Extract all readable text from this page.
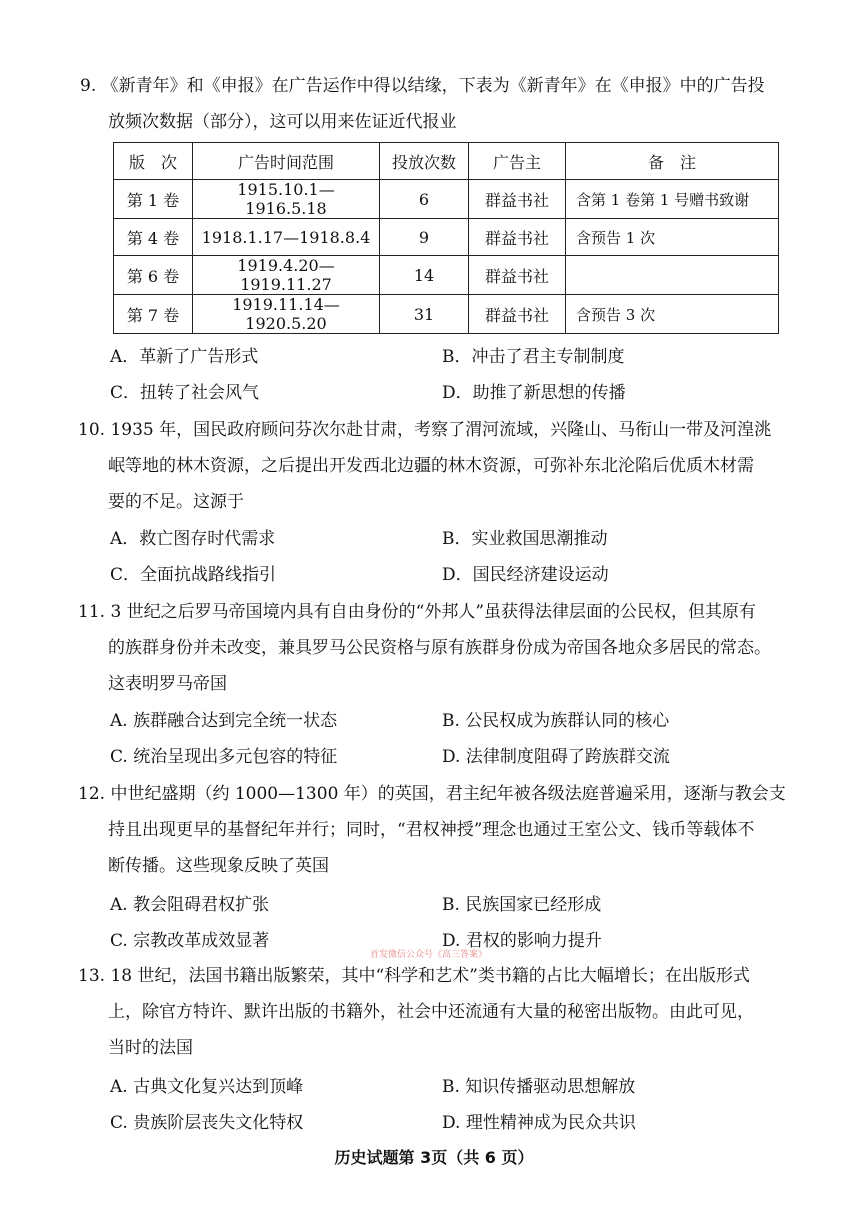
9. 《新青年》和《申报》在广告运作中得以结缘，下表为《新青年》在《申报》中的广告投
放频次数据（部分），这可以用来佐证近代报业
版　次	广告时间范围	投放次数	广告主	备　注
第 1 卷	1915.10.1—1916.5.18	6	群益书社	含第 1 卷第 1 号赠书致谢
第 4 卷	1918.1.17—1918.8.4	9	群益书社	含预告 1 次
第 6 卷	1919.4.20—1919.11.27	14	群益书社	
第 7 卷	1919.11.14—1920.5.20	31	群益书社	含预告 3 次
A．革新了广告形式	B．冲击了君主专制制度
C．扭转了社会风气	D．助推了新思想的传播
10. 1935 年，国民政府顾问芬次尔赴甘肃，考察了渭河流域，兴隆山、马衔山一带及河湟洮
岷等地的林木资源，之后提出开发西北边疆的林木资源，可弥补东北沦陷后优质木材需
要的不足。这源于
A．救亡图存时代需求	B．实业救国思潮推动
C．全面抗战路线指引	D．国民经济建设运动
11. 3 世纪之后罗马帝国境内具有自由身份的“外邦人”虽获得法律层面的公民权，但其原有
的族群身份并未改变，兼具罗马公民资格与原有族群身份成为帝国各地众多居民的常态。
这表明罗马帝国
A. 族群融合达到完全统一状态	B. 公民权成为族群认同的核心
C. 统治呈现出多元包容的特征	D. 法律制度阻碍了跨族群交流
12. 中世纪盛期（约 1000—1300 年）的英国，君主纪年被各级法庭普遍采用，逐渐与教会支
持且出现更早的基督纪年并行；同时，“君权神授”理念也通过王室公文、钱币等载体不
断传播。这些现象反映了英国
A. 教会阻碍君权扩张	B. 民族国家已经形成
C. 宗教改革成效显著	D. 君权的影响力提升
首发微信公众号《高三答案》
13. 18 世纪，法国书籍出版繁荣，其中“科学和艺术”类书籍的占比大幅增长；在出版形式
上，除官方特许、默许出版的书籍外，社会中还流通有大量的秘密出版物。由此可见，
当时的法国
A. 古典文化复兴达到顶峰	B. 知识传播驱动思想解放
C. 贵族阶层丧失文化特权	D. 理性精神成为民众共识
历史试题第 3页（共 6 页）
